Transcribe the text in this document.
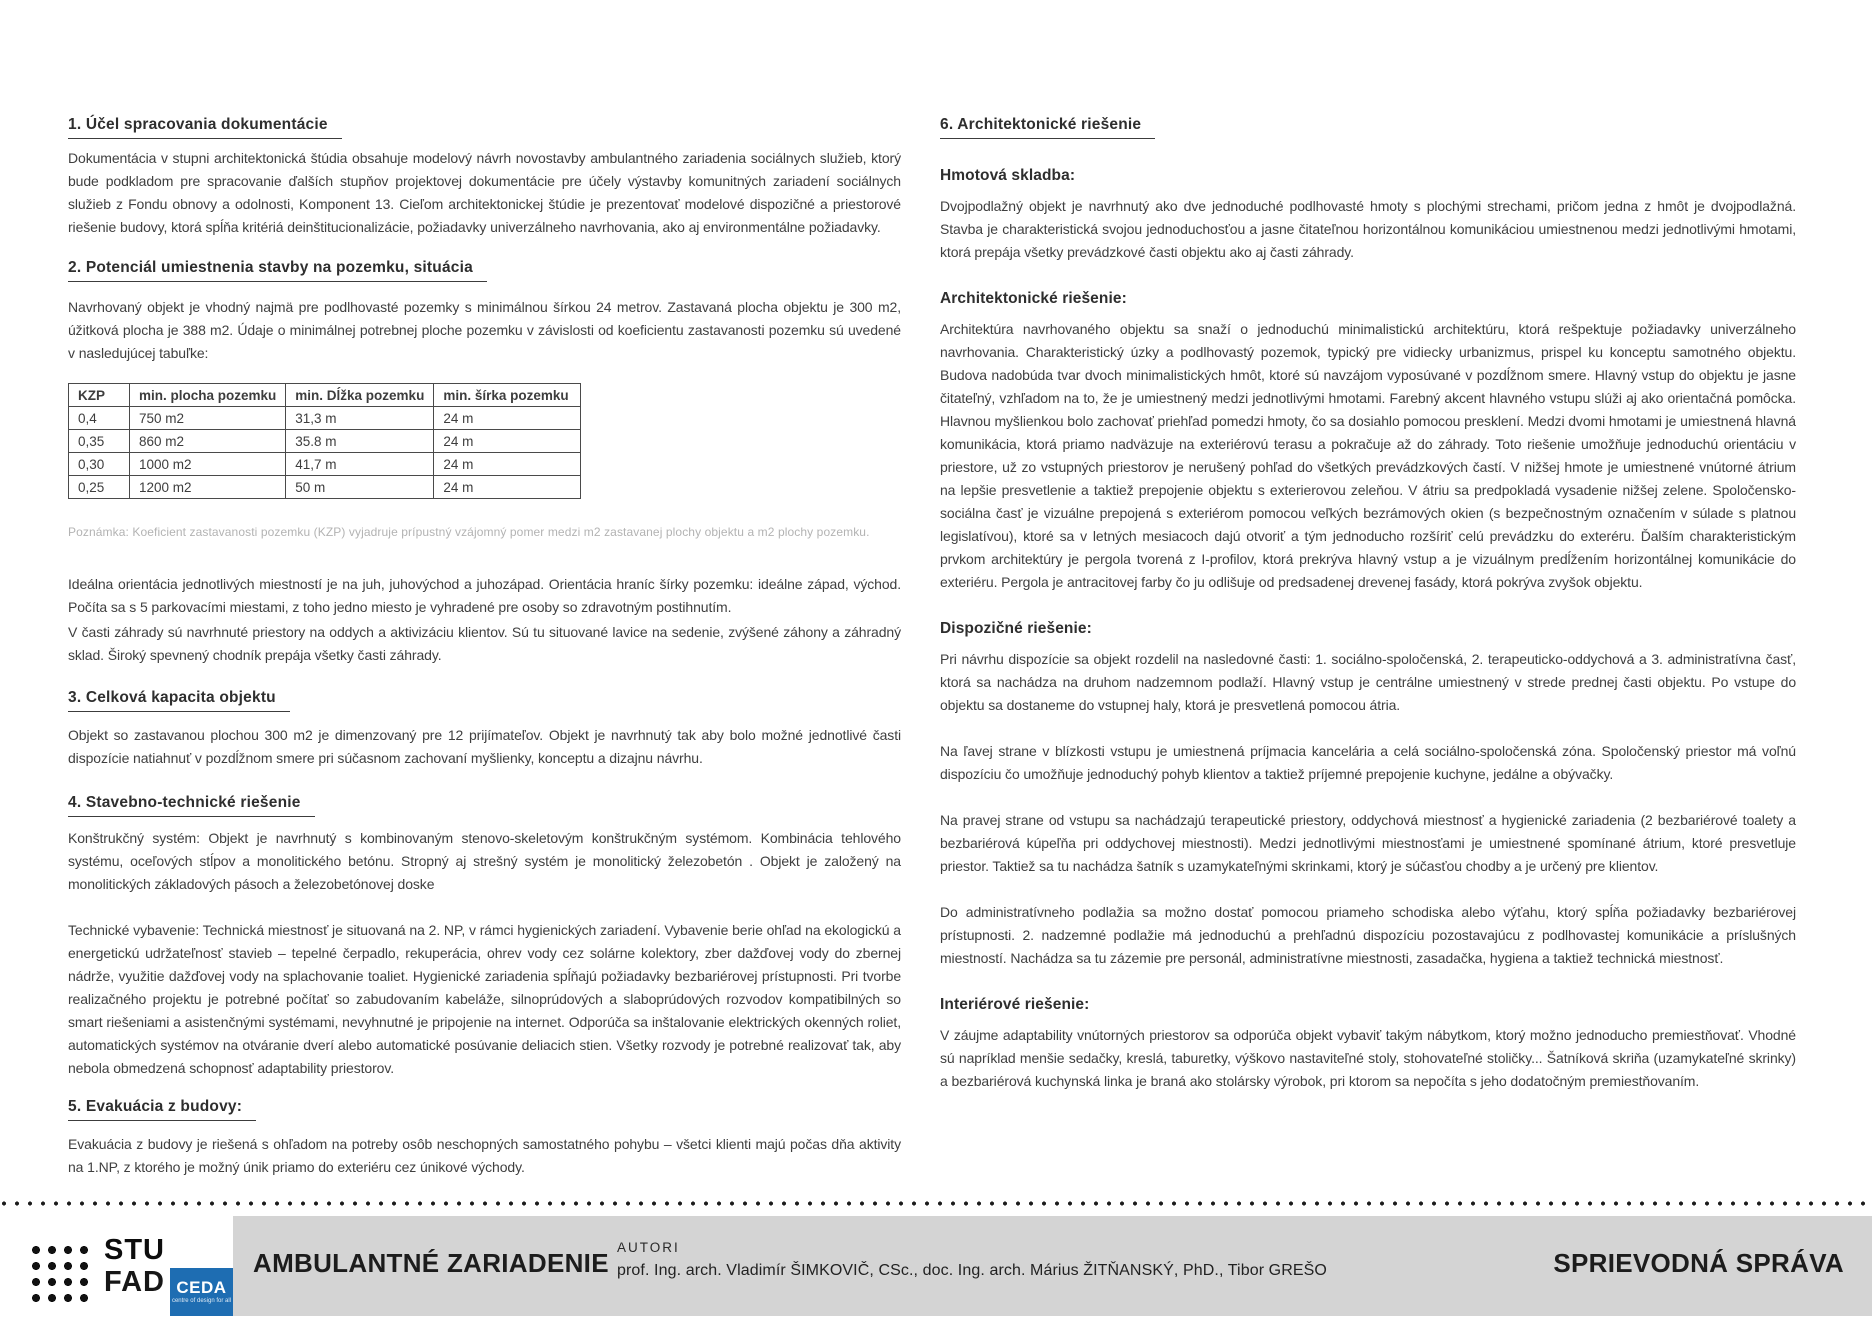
1. Účel spracovania dokumentácie
Dokumentácia v stupni architektonická štúdia obsahuje modelový návrh novostavby ambulantného zariadenia sociálnych služieb, ktorý bude podkladom pre spracovanie ďalších stupňov projektovej dokumentácie pre účely výstavby komunitných zariadení sociálnych služieb z Fondu obnovy a odolnosti, Komponent 13. Cieľom architektonickej štúdie je prezentovať modelové dispozičné a priestorové riešenie budovy, ktorá spĺňa kritériá deinštitucionalizácie, požiadavky univerzálneho navrhovania, ako aj environmentálne požiadavky.
2. Potenciál umiestnenia stavby na pozemku, situácia
Navrhovaný objekt je vhodný najmä pre podlhovasté pozemky s minimálnou šírkou 24 metrov. Zastavaná plocha objektu je 300 m2, úžitková plocha je 388 m2. Údaje o minimálnej potrebnej ploche pozemku v závislosti od koeficientu zastavanosti pozemku sú uvedené v nasledujúcej tabuľke:
KZP	min. plocha pozemku	min. Dĺžka pozemku	min. šírka pozemku
0,4	750 m2	31,3 m	24 m
0,35	860 m2	35.8 m	24 m
0,30	1000 m2	41,7 m	24 m
0,25	1200 m2	50 m	24 m
Poznámka: Koeficient zastavanosti pozemku (KZP) vyjadruje prípustný vzájomný pomer medzi m2 zastavanej plochy objektu a m2 plochy pozemku.
Ideálna orientácia jednotlivých miestností je na juh, juhovýchod a juhozápad. Orientácia hraníc šírky pozemku: ideálne západ, východ. Počíta sa s 5 parkovacími miestami, z toho jedno miesto je vyhradené pre osoby so zdravotným postihnutím.
V časti záhrady sú navrhnuté priestory na oddych a aktivizáciu klientov. Sú tu situované lavice na sedenie, zvýšené záhony a záhradný sklad. Široký spevnený chodník prepája všetky časti záhrady.
3. Celková kapacita objektu
Objekt so zastavanou plochou 300 m2 je dimenzovaný pre 12 prijímateľov. Objekt je navrhnutý tak aby bolo možné jednotlivé časti dispozície natiahnuť v pozdĺžnom smere pri súčasnom zachovaní myšlienky, konceptu a dizajnu návrhu.
4. Stavebno-technické riešenie
Konštrukčný systém: Objekt je navrhnutý s kombinovaným stenovo-skeletovým konštrukčným systémom. Kombinácia tehlového systému, oceľových stĺpov a monolitického betónu. Stropný aj strešný systém je monolitický železobetón . Objekt je založený na monolitických základových pásoch a železobetónovej doske
Technické vybavenie: Technická miestnosť je situovaná na 2. NP, v rámci hygienických zariadení. Vybavenie berie ohľad na ekologickú a energetickú udržateľnosť stavieb – tepelné čerpadlo, rekuperácia, ohrev vody cez solárne kolektory, zber dažďovej vody do zbernej nádrže, využitie dažďovej vody na splachovanie toaliet. Hygienické zariadenia spĺňajú požiadavky bezbariérovej prístupnosti. Pri tvorbe realizačného projektu je potrebné počítať so zabudovaním kabeláže, silnoprúdových a slaboprúdových rozvodov kompatibilných so smart riešeniami a asistenčnými systémami, nevyhnutné je pripojenie na internet. Odporúča sa inštalovanie elektrických okenných roliet, automatických systémov na otváranie dverí alebo automatické posúvanie deliacich stien. Všetky rozvody je potrebné realizovať tak, aby nebola obmedzená schopnosť adaptability priestorov.
5. Evakuácia z budovy:
Evakuácia z budovy je riešená s ohľadom na potreby osôb neschopných samostatného pohybu – všetci klienti majú počas dňa aktivity na 1.NP, z ktorého je možný únik priamo do exteriéru cez únikové východy.
6. Architektonické riešenie
Hmotová skladba:
Dvojpodlažný objekt je navrhnutý ako dve jednoduché podlhovasté hmoty s plochými strechami, pričom jedna z hmôt je dvojpodlažná. Stavba je charakteristická svojou jednoduchosťou a jasne čitateľnou horizontálnou komunikáciou umiestnenou medzi jednotlivými hmotami, ktorá prepája všetky prevádzkové časti objektu ako aj časti záhrady.
Architektonické riešenie:
Architektúra navrhovaného objektu sa snaží o jednoduchú minimalistickú architektúru, ktorá rešpektuje požiadavky univerzálneho navrhovania. Charakteristický úzky a podlhovastý pozemok, typický pre vidiecky urbanizmus, prispel ku konceptu samotného objektu. Budova nadobúda tvar dvoch minimalistických hmôt, ktoré sú navzájom vyposúvané v pozdĺžnom smere. Hlavný vstup do objektu je jasne čitateľný, vzhľadom na to, že je umiestnený medzi jednotlivými hmotami. Farebný akcent hlavného vstupu slúži aj ako orientačná pomôcka. Hlavnou myšlienkou bolo zachovať priehľad pomedzi hmoty, čo sa dosiahlo pomocou presklení. Medzi dvomi hmotami je umiestnená hlavná komunikácia, ktorá priamo nadväzuje na exteriérovú terasu a pokračuje až do záhrady. Toto riešenie umožňuje jednoduchú orientáciu v priestore, už zo vstupných priestorov je nerušený pohľad do všetkých prevádzkových častí. V nižšej hmote je umiestnené vnútorné átrium na lepšie presvetlenie a taktiež prepojenie objektu s exterierovou zeleňou. V átriu sa predpokladá vysadenie nižšej zelene. Spoločensko-sociálna časť je vizuálne prepojená s exteriérom pomocou veľkých bezrámových okien (s bezpečnostným označením v súlade s platnou legislatívou), ktoré sa v letných mesiacoch dajú otvoriť a tým jednoducho rozšíriť celú prevádzku do exteréru. Ďalším charakteristickým prvkom architektúry je pergola tvorená z I-profilov, ktorá prekrýva hlavný vstup a je vizuálnym predĺžením horizontálnej komunikácie do exteriéru. Pergola je antracitovej farby čo ju odlišuje od predsadenej drevenej fasády, ktorá pokrýva zvyšok objektu.
Dispozičné riešenie:
Pri návrhu dispozície sa objekt rozdelil na nasledovné časti: 1. sociálno-spoločenská, 2. terapeuticko-oddychová a 3. administratívna časť, ktorá sa nachádza na druhom nadzemnom podlaží. Hlavný vstup je centrálne umiestnený v strede prednej časti objektu. Po vstupe do objektu sa dostaneme do vstupnej haly, ktorá je presvetlená pomocou átria.
Na ľavej strane v blízkosti vstupu je umiestnená príjmacia kancelária a celá sociálno-spoločenská zóna. Spoločenský priestor má voľnú dispozíciu čo umožňuje jednoduchý pohyb klientov a taktiež príjemné prepojenie kuchyne, jedálne a obývačky.
Na pravej strane od vstupu sa nachádzajú terapeutické priestory, oddychová miestnosť a hygienické zariadenia (2 bezbariérové toalety a bezbariérová kúpeľňa pri oddychovej miestnosti). Medzi jednotlivými miestnosťami je umiestnené spomínané átrium, ktoré presvetluje priestor. Taktiež sa tu nachádza šatník s uzamykateľnými skrinkami, ktorý je súčasťou chodby a je určený pre klientov.
Do administratívneho podlažia sa možno dostať pomocou priameho schodiska alebo výťahu, ktorý spĺňa požiadavky bezbariérovej prístupnosti. 2. nadzemné podlažie má jednoduchú a prehľadnú dispozíciu pozostavajúcu z podlhovastej komunikácie a príslušných miestností. Nachádza sa tu zázemie pre personál, administratívne miestnosti, zasadačka, hygiena a taktiež technická miestnosť.
Interiérové riešenie:
V záujme adaptability vnútorných priestorov sa odporúča objekt vybaviť takým nábytkom, ktorý možno jednoducho premiestňovať. Vhodné sú napríklad menšie sedačky, kreslá, taburetky, výškovo nastaviteľné stoly, stohovateľné stoličky... Šatníková skriňa (uzamykateľné skrinky) a bezbariérová kuchynská linka je braná ako stolársky výrobok, pri ktorom sa nepočíta s jeho dodatočným premiestňovaním.
STU
FAD CEDA
centre of design for all
AMBULANTNÉ ZARIADENIE
AUTORI
prof. Ing. arch. Vladimír ŠIMKOVIČ, CSc., doc. Ing. arch. Márius ŽITŇANSKÝ, PhD., Tibor GREŠO	SPRIEVODNÁ SPRÁVA
